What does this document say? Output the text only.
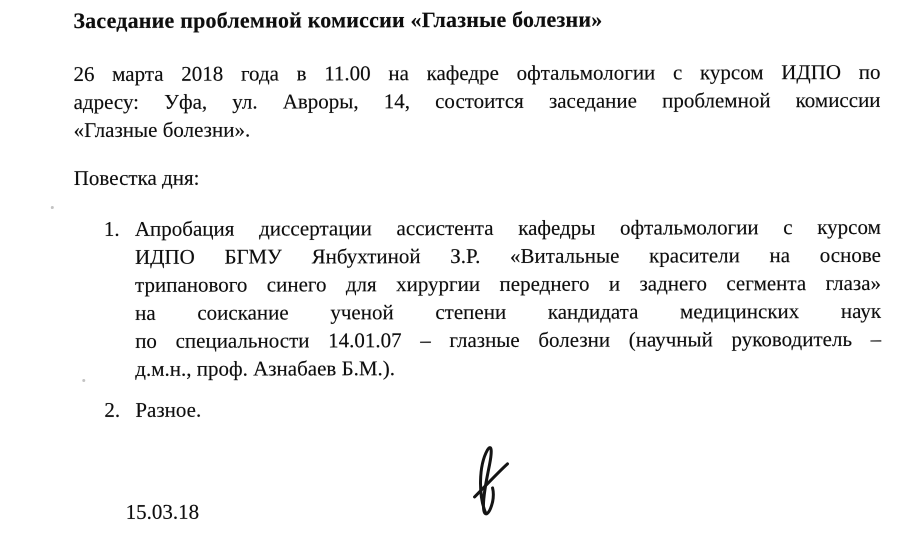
Заседание проблемной комиссии «Глазные болезни»
26 марта 2018 года в 11.00 на кафедре офтальмологии с курсом ИДПО по
адресу: Уфа, ул. Авроры, 14, состоится заседание проблемной комиссии
«Глазные болезни».
Повестка дня:
1. Апробация диссертации ассистента кафедры офтальмологии с курсом
ИДПО БГМУ Янбухтиной З.Р. «Витальные красители на основе
трипанового синего для хирургии переднего и заднего сегмента глаза»
на соискание ученой степени кандидата медицинских наук
по специальности 14.01.07 – глазные болезни (научный руководитель –
д.м.н., проф. Азнабаев Б.М.).
2. Разное.
15.03.18
